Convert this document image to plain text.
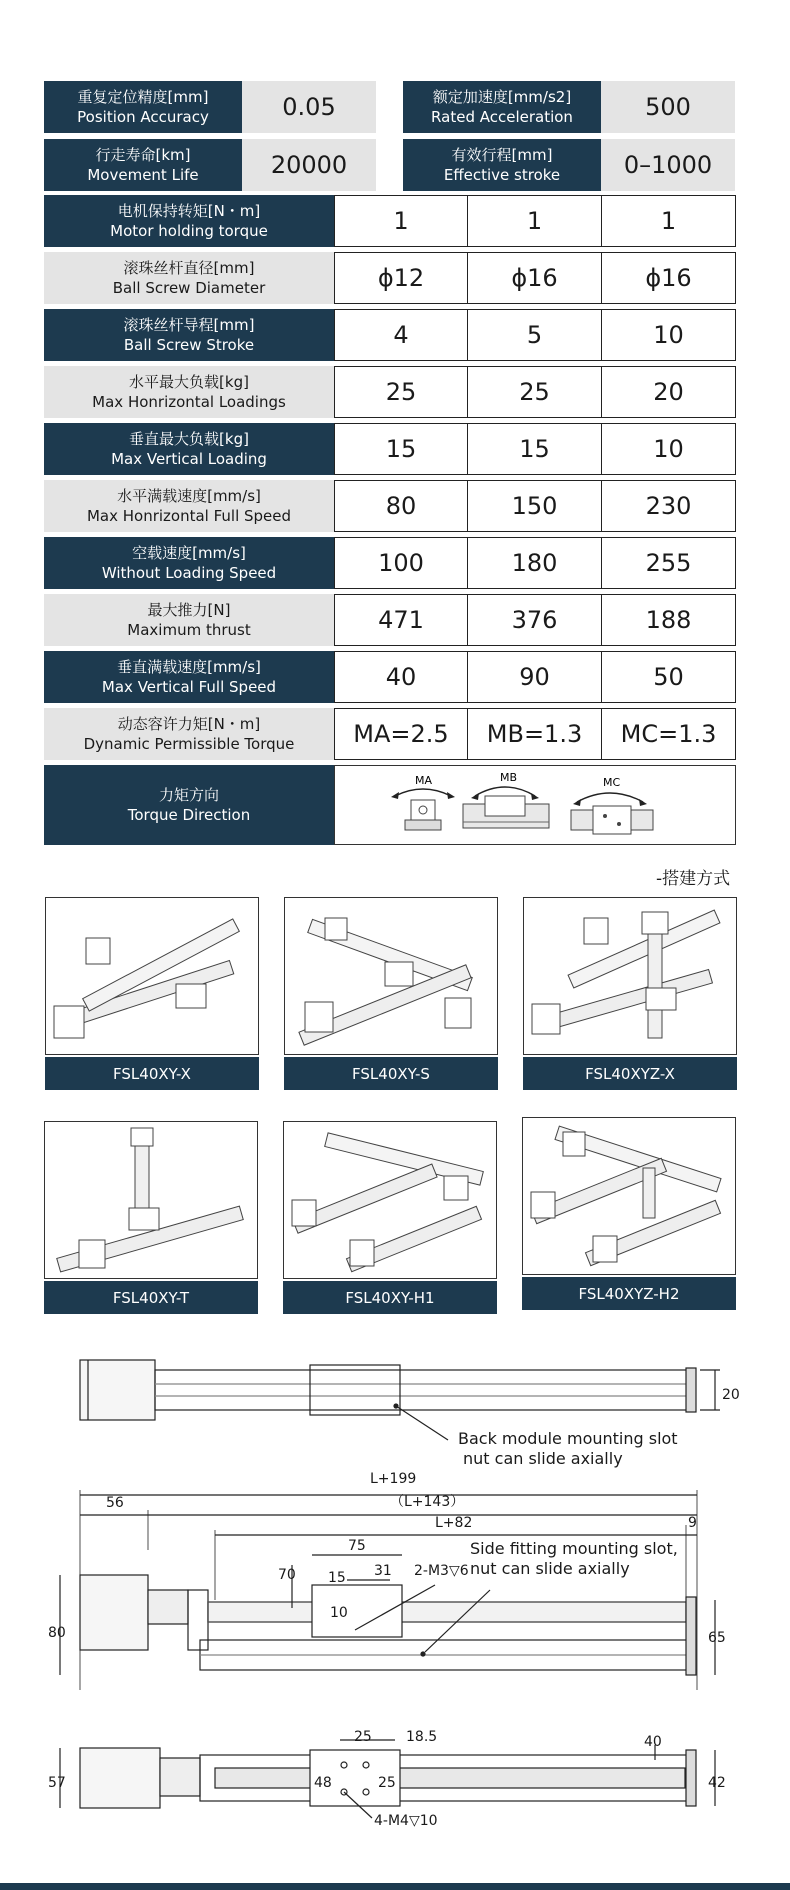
重复定位精度[mm]
Position Accuracy	0.05	额定加速度[mm/s2]
Rated Acceleration	500
行走寿命[km]
Movement Life	20000	有效行程[mm]
Effective stroke	0–1000
电机保持转矩[N・m]
Motor holding torque	1	1	1
滚珠丝杆直径[mm]
Ball Screw Diameter	ϕ12	ϕ16	ϕ16
滚珠丝杆导程[mm]
Ball Screw Stroke	4	5	10
水平最大负载[kg]
Max Honrizontal Loadings	25	25	20
垂直最大负载[kg]
Max Vertical Loading	15	15	10
水平满载速度[mm/s]
Max Honrizontal Full Speed	80	150	230
空载速度[mm/s]
Without Loading Speed	100	180	255
最大推力[N]
Maximum thrust	471	376	188
垂直满载速度[mm/s]
Max Vertical Full Speed	40	90	50
动态容许力矩[N・m]
Dynamic Permissible Torque	MA=2.5	MB=1.3	MC=1.3
力矩方向
Torque Direction
MA	MB	MC
-搭建方式
FSL40XY-X	FSL40XY-S	FSL40XYZ-X
FSL40XY-T	FSL40XY-H1	FSL40XYZ-H2
Back module mounting slot
nut can slide axially
Side fitting mounting slot,
nut can slide axially
20
L+199
（L+143）
56
L+82	9
75
70 15 31 2-M3▽6
10
80	65
25 18.5	40
57	48	25	42
4-M4▽10
